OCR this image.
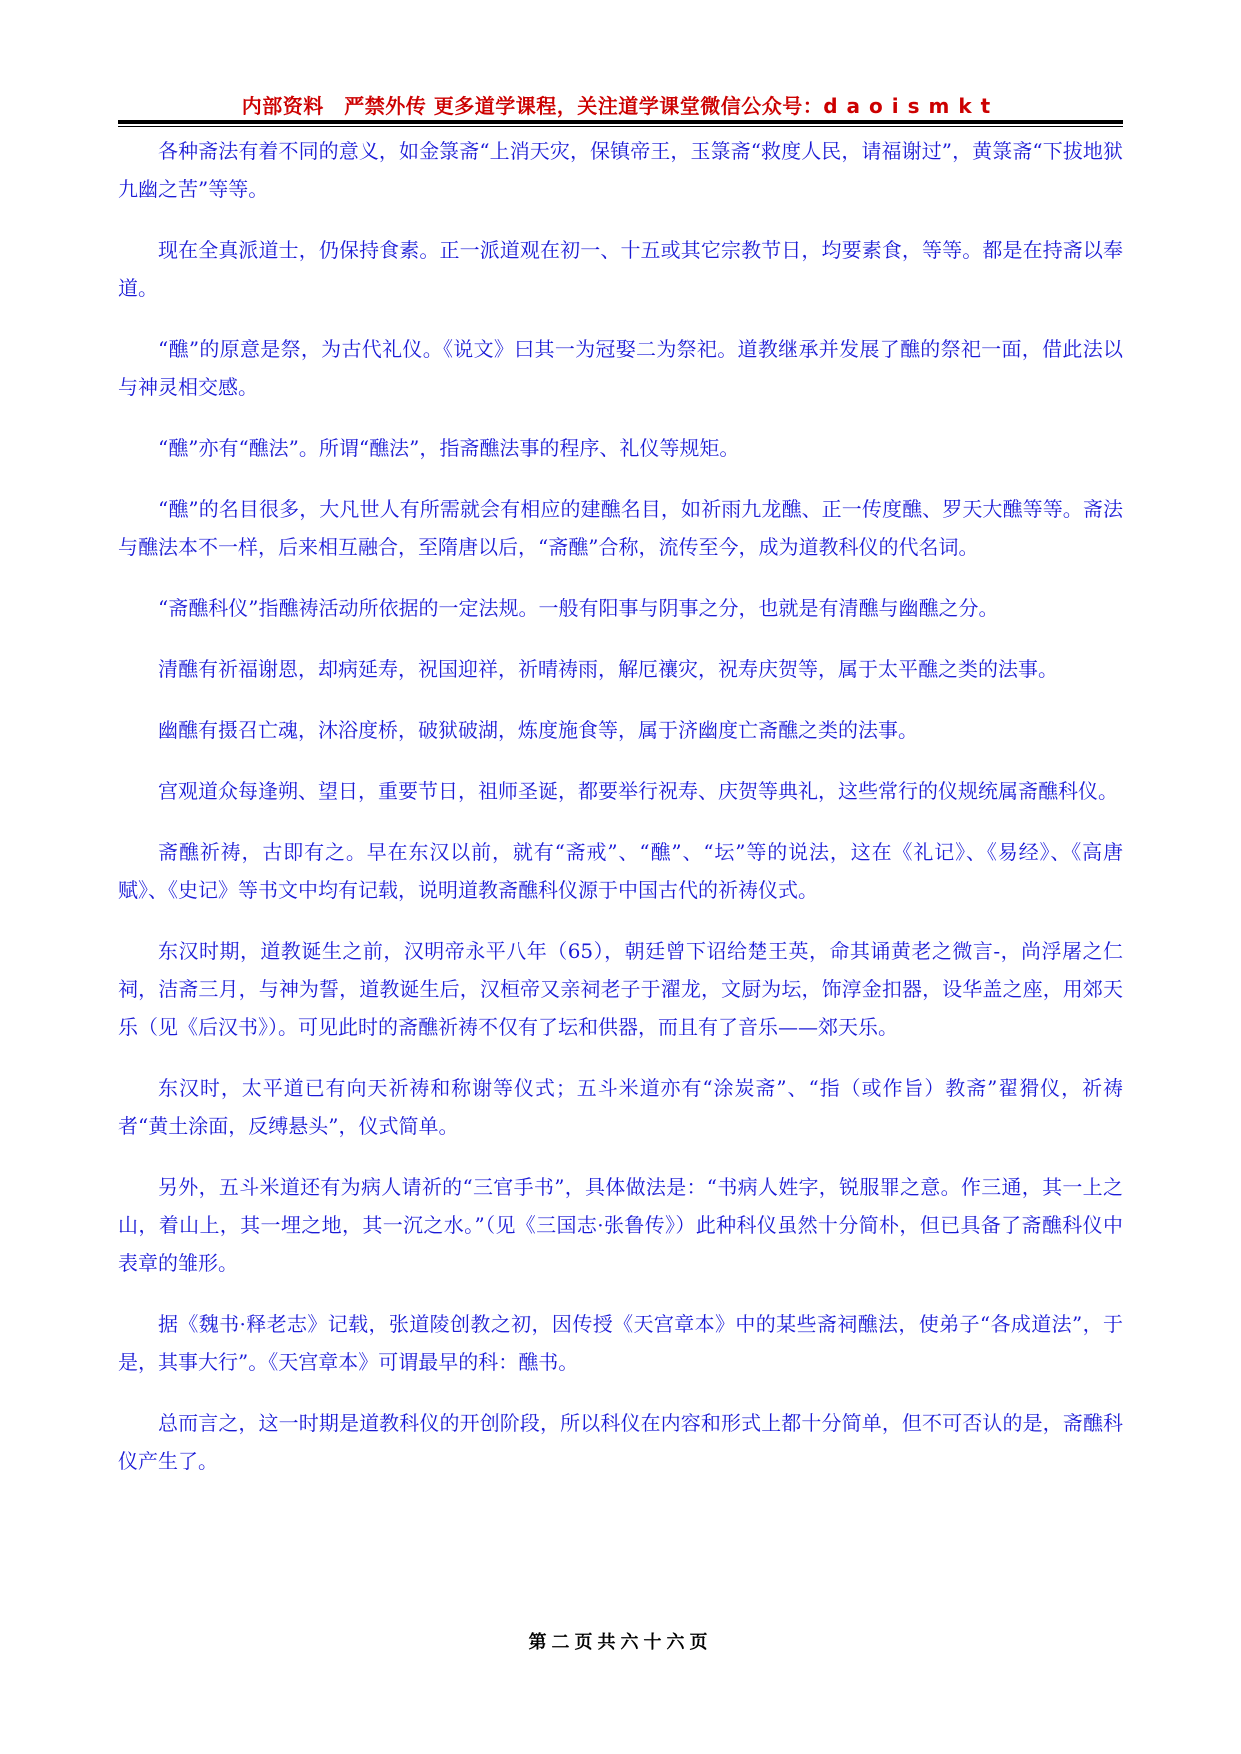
内部资料　严禁外传 更多道学课程，关注道学课堂微信公众号：daoismkt

各种斋法有着不同的意义，如金箓斋“上消天灾，保镇帝王，玉箓斋“救度人民，请福谢过”，黄箓斋“下拔地狱九幽之苦”等等。

现在全真派道士，仍保持食素。正一派道观在初一、十五或其它宗教节日，均要素食，等等。都是在持斋以奉道。

“醮”的原意是祭，为古代礼仪。《说文》曰其一为冠娶二为祭祀。道教继承并发展了醮的祭祀一面，借此法以与神灵相交感。

“醮”亦有“醮法”。所谓“醮法”，指斋醮法事的程序、礼仪等规矩。

“醮”的名目很多，大凡世人有所需就会有相应的建醮名目，如祈雨九龙醮、正一传度醮、罗天大醮等等。斋法与醮法本不一样，后来相互融合，至隋唐以后，“斋醮”合称，流传至今，成为道教科仪的代名词。

“斋醮科仪”指醮祷活动所依据的一定法规。一般有阳事与阴事之分，也就是有清醮与幽醮之分。

清醮有祈福谢恩，却病延寿，祝国迎祥，祈晴祷雨，解厄禳灾，祝寿庆贺等，属于太平醮之类的法事。

幽醮有摄召亡魂，沐浴度桥，破狱破湖，炼度施食等，属于济幽度亡斋醮之类的法事。

宫观道众每逢朔、望日，重要节日，祖师圣诞，都要举行祝寿、庆贺等典礼，这些常行的仪规统属斋醮科仪。

斋醮祈祷，古即有之。早在东汉以前，就有“斋戒”、“醮”、“坛”等的说法，这在《礼记》、《易经》、《高唐赋》、《史记》等书文中均有记载，说明道教斋醮科仪源于中国古代的祈祷仪式。

东汉时期，道教诞生之前，汉明帝永平八年（65），朝廷曾下诏给楚王英，命其诵黄老之微言-，尚浮屠之仁祠，洁斋三月，与神为誓，道教诞生后，汉桓帝又亲祠老子于濯龙，文厨为坛，饰淳金扣器，设华盖之座，用郊天乐（见《后汉书》）。可见此时的斋醮祈祷不仅有了坛和供器，而且有了音乐——郊天乐。

东汉时，太平道已有向天祈祷和称谢等仪式；五斗米道亦有“涂炭斋”、“指（或作旨）教斋”翟猾仪，祈祷者“黄土涂面，反缚悬头”，仪式简单。

另外，五斗米道还有为病人请祈的“三官手书”，具体做法是：“书病人姓字，锐服罪之意。作三通，其一上之山，着山上，其一埋之地，其一沉之水。”（见《三国志·张鲁传》）此种科仪虽然十分简朴，但已具备了斋醮科仪中表章的雏形。

据《魏书·释老志》记载，张道陵创教之初，因传授《天宫章本》中的某些斋祠醮法，使弟子“各成道法”，于是，其事大行”。《天宫章本》可谓最早的科：醮书。

总而言之，这一时期是道教科仪的开创阶段，所以科仪在内容和形式上都十分简单，但不可否认的是，斋醮科仪产生了。

第二页共六十六页
